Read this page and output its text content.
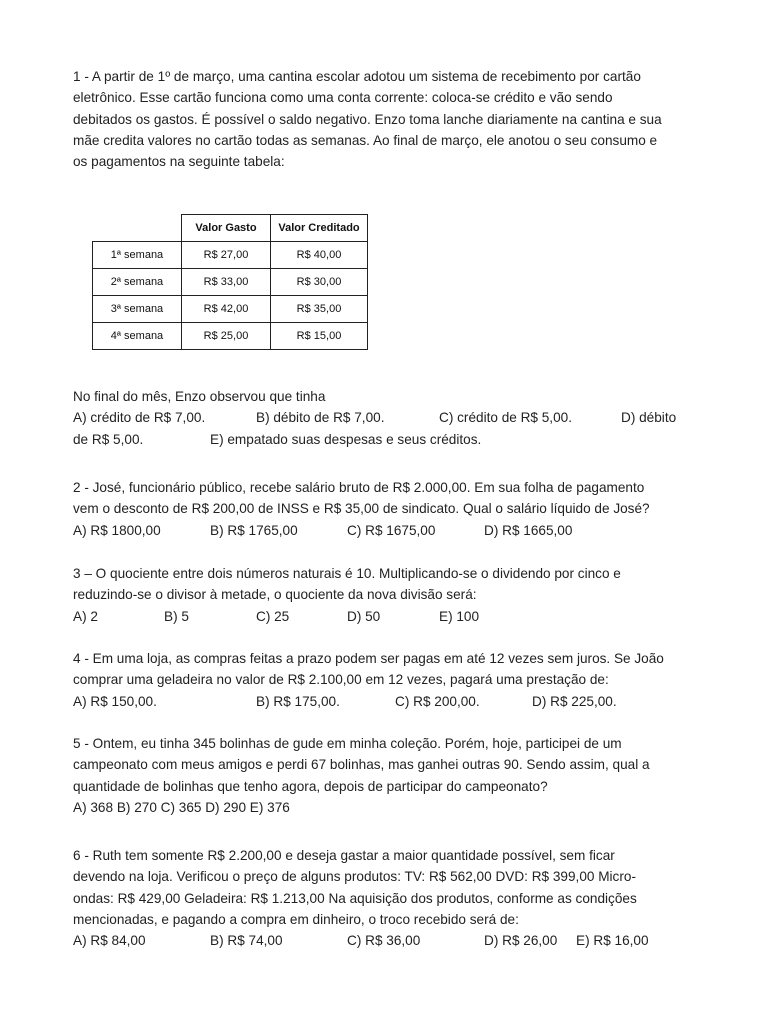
1 - A partir de 1º de março, uma cantina escolar adotou um sistema de recebimento por cartão
eletrônico. Esse cartão funciona como uma conta corrente: coloca-se crédito e vão sendo
debitados os gastos. É possível o saldo negativo. Enzo toma lanche diariamente na cantina e sua
mãe credita valores no cartão todas as semanas. Ao final de março, ele anotou o seu consumo e
os pagamentos na seguinte tabela:
	Valor Gasto	Valor Creditado
1ª semana	R$ 27,00	R$ 40,00
2ª semana	R$ 33,00	R$ 30,00
3ª semana	R$ 42,00	R$ 35,00
4ª semana	R$ 25,00	R$ 15,00
No final do mês, Enzo observou que tinha
A) crédito de R$ 7,00.	B) débito de R$ 7,00.	C) crédito de R$ 5,00.	D) débito
de R$ 5,00.	E) empatado suas despesas e seus créditos.
2 - José, funcionário público, recebe salário bruto de R$ 2.000,00. Em sua folha de pagamento
vem o desconto de R$ 200,00 de INSS e R$ 35,00 de sindicato. Qual o salário líquido de José?
A) R$ 1800,00	B) R$ 1765,00	C) R$ 1675,00	D) R$ 1665,00
3 – O quociente entre dois números naturais é 10. Multiplicando-se o dividendo por cinco e
reduzindo-se o divisor à metade, o quociente da nova divisão será:
A) 2	B) 5	C) 25	D) 50	E) 100
4 - Em uma loja, as compras feitas a prazo podem ser pagas em até 12 vezes sem juros. Se João
comprar uma geladeira no valor de R$ 2.100,00 em 12 vezes, pagará uma prestação de:
A) R$ 150,00.	B) R$ 175,00.	C) R$ 200,00.	D) R$ 225,00.
5 - Ontem, eu tinha 345 bolinhas de gude em minha coleção. Porém, hoje, participei de um
campeonato com meus amigos e perdi 67 bolinhas, mas ganhei outras 90. Sendo assim, qual a
quantidade de bolinhas que tenho agora, depois de participar do campeonato?
A) 368 B) 270 C) 365 D) 290 E) 376
6 - Ruth tem somente R$ 2.200,00 e deseja gastar a maior quantidade possível, sem ficar
devendo na loja. Verificou o preço de alguns produtos: TV: R$ 562,00 DVD: R$ 399,00 Micro-
ondas: R$ 429,00 Geladeira: R$ 1.213,00 Na aquisição dos produtos, conforme as condições
mencionadas, e pagando a compra em dinheiro, o troco recebido será de:
A) R$ 84,00	B) R$ 74,00	C) R$ 36,00	D) R$ 26,00 E) R$ 16,00
